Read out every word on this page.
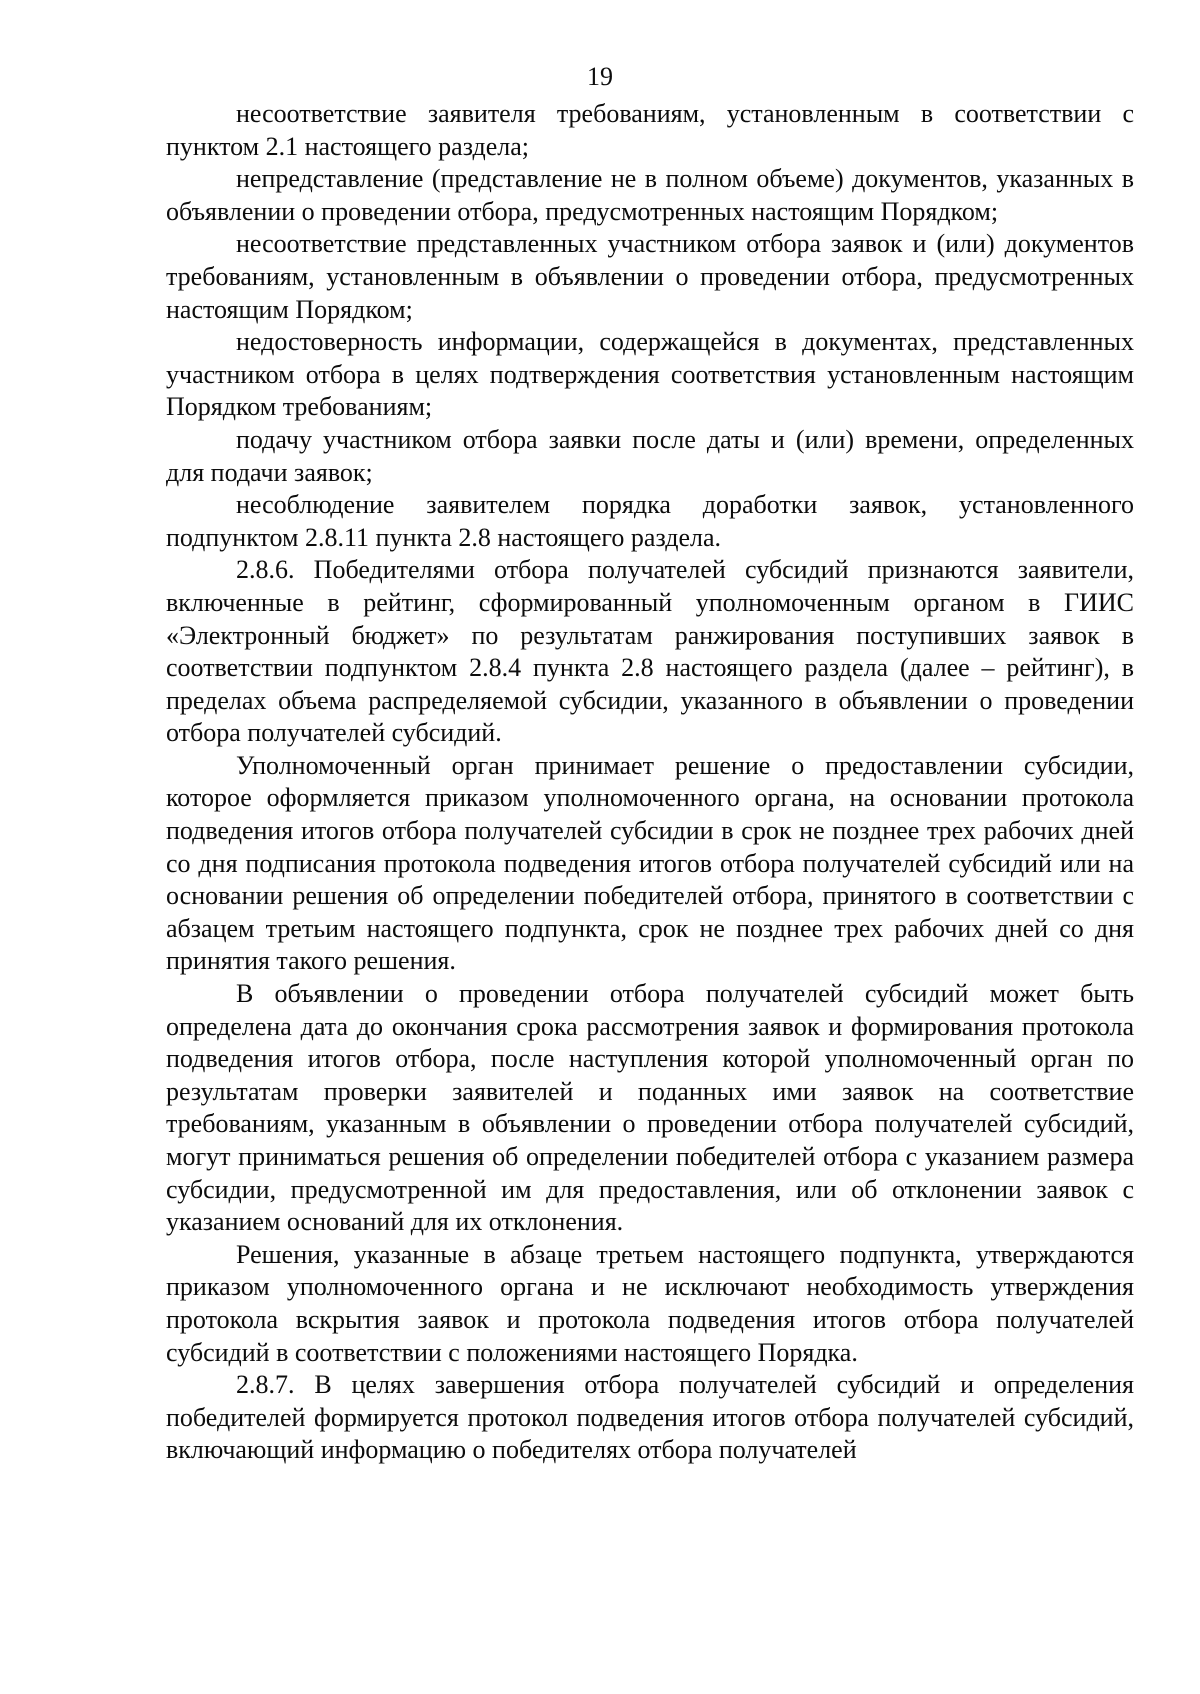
19

несоответствие заявителя требованиям, установленным в соответствии с пунктом 2.1 настоящего раздела;

непредставление (представление не в полном объеме) документов, указанных в объявлении о проведении отбора, предусмотренных настоящим Порядком;

несоответствие представленных участником отбора заявок и (или) документов требованиям, установленным в объявлении о проведении отбора, предусмотренных настоящим Порядком;

недостоверность информации, содержащейся в документах, представленных участником отбора в целях подтверждения соответствия установленным настоящим Порядком требованиям;

подачу участником отбора заявки после даты и (или) времени, определенных для подачи заявок;

несоблюдение заявителем порядка доработки заявок, установленного подпунктом 2.8.11 пункта 2.8 настоящего раздела.

2.8.6. Победителями отбора получателей субсидий признаются заявители, включенные в рейтинг, сформированный уполномоченным органом в ГИИС «Электронный бюджет» по результатам ранжирования поступивших заявок в соответствии подпунктом 2.8.4 пункта 2.8 настоящего раздела (далее – рейтинг), в пределах объема распределяемой субсидии, указанного в объявлении о проведении отбора получателей субсидий.

Уполномоченный орган принимает решение о предоставлении субсидии, которое оформляется приказом уполномоченного органа, на основании протокола подведения итогов отбора получателей субсидии в срок не позднее трех рабочих дней со дня подписания протокола подведения итогов отбора получателей субсидий или на основании решения об определении победителей отбора, принятого в соответствии с абзацем третьим настоящего подпункта, срок не позднее трех рабочих дней со дня принятия такого решения.

В объявлении о проведении отбора получателей субсидий может быть определена дата до окончания срока рассмотрения заявок и формирования протокола подведения итогов отбора, после наступления которой уполномоченный орган по результатам проверки заявителей и поданных ими заявок на соответствие требованиям, указанным в объявлении о проведении отбора получателей субсидий, могут приниматься решения об определении победителей отбора с указанием размера субсидии, предусмотренной им для предоставления, или об отклонении заявок с указанием оснований для их отклонения.

Решения, указанные в абзаце третьем настоящего подпункта, утверждаются приказом уполномоченного органа и не исключают необходимость утверждения протокола вскрытия заявок и протокола подведения итогов отбора получателей субсидий в соответствии с положениями настоящего Порядка.

2.8.7. В целях завершения отбора получателей субсидий и определения победителей формируется протокол подведения итогов отбора получателей субсидий, включающий информацию о победителях отбора получателей
